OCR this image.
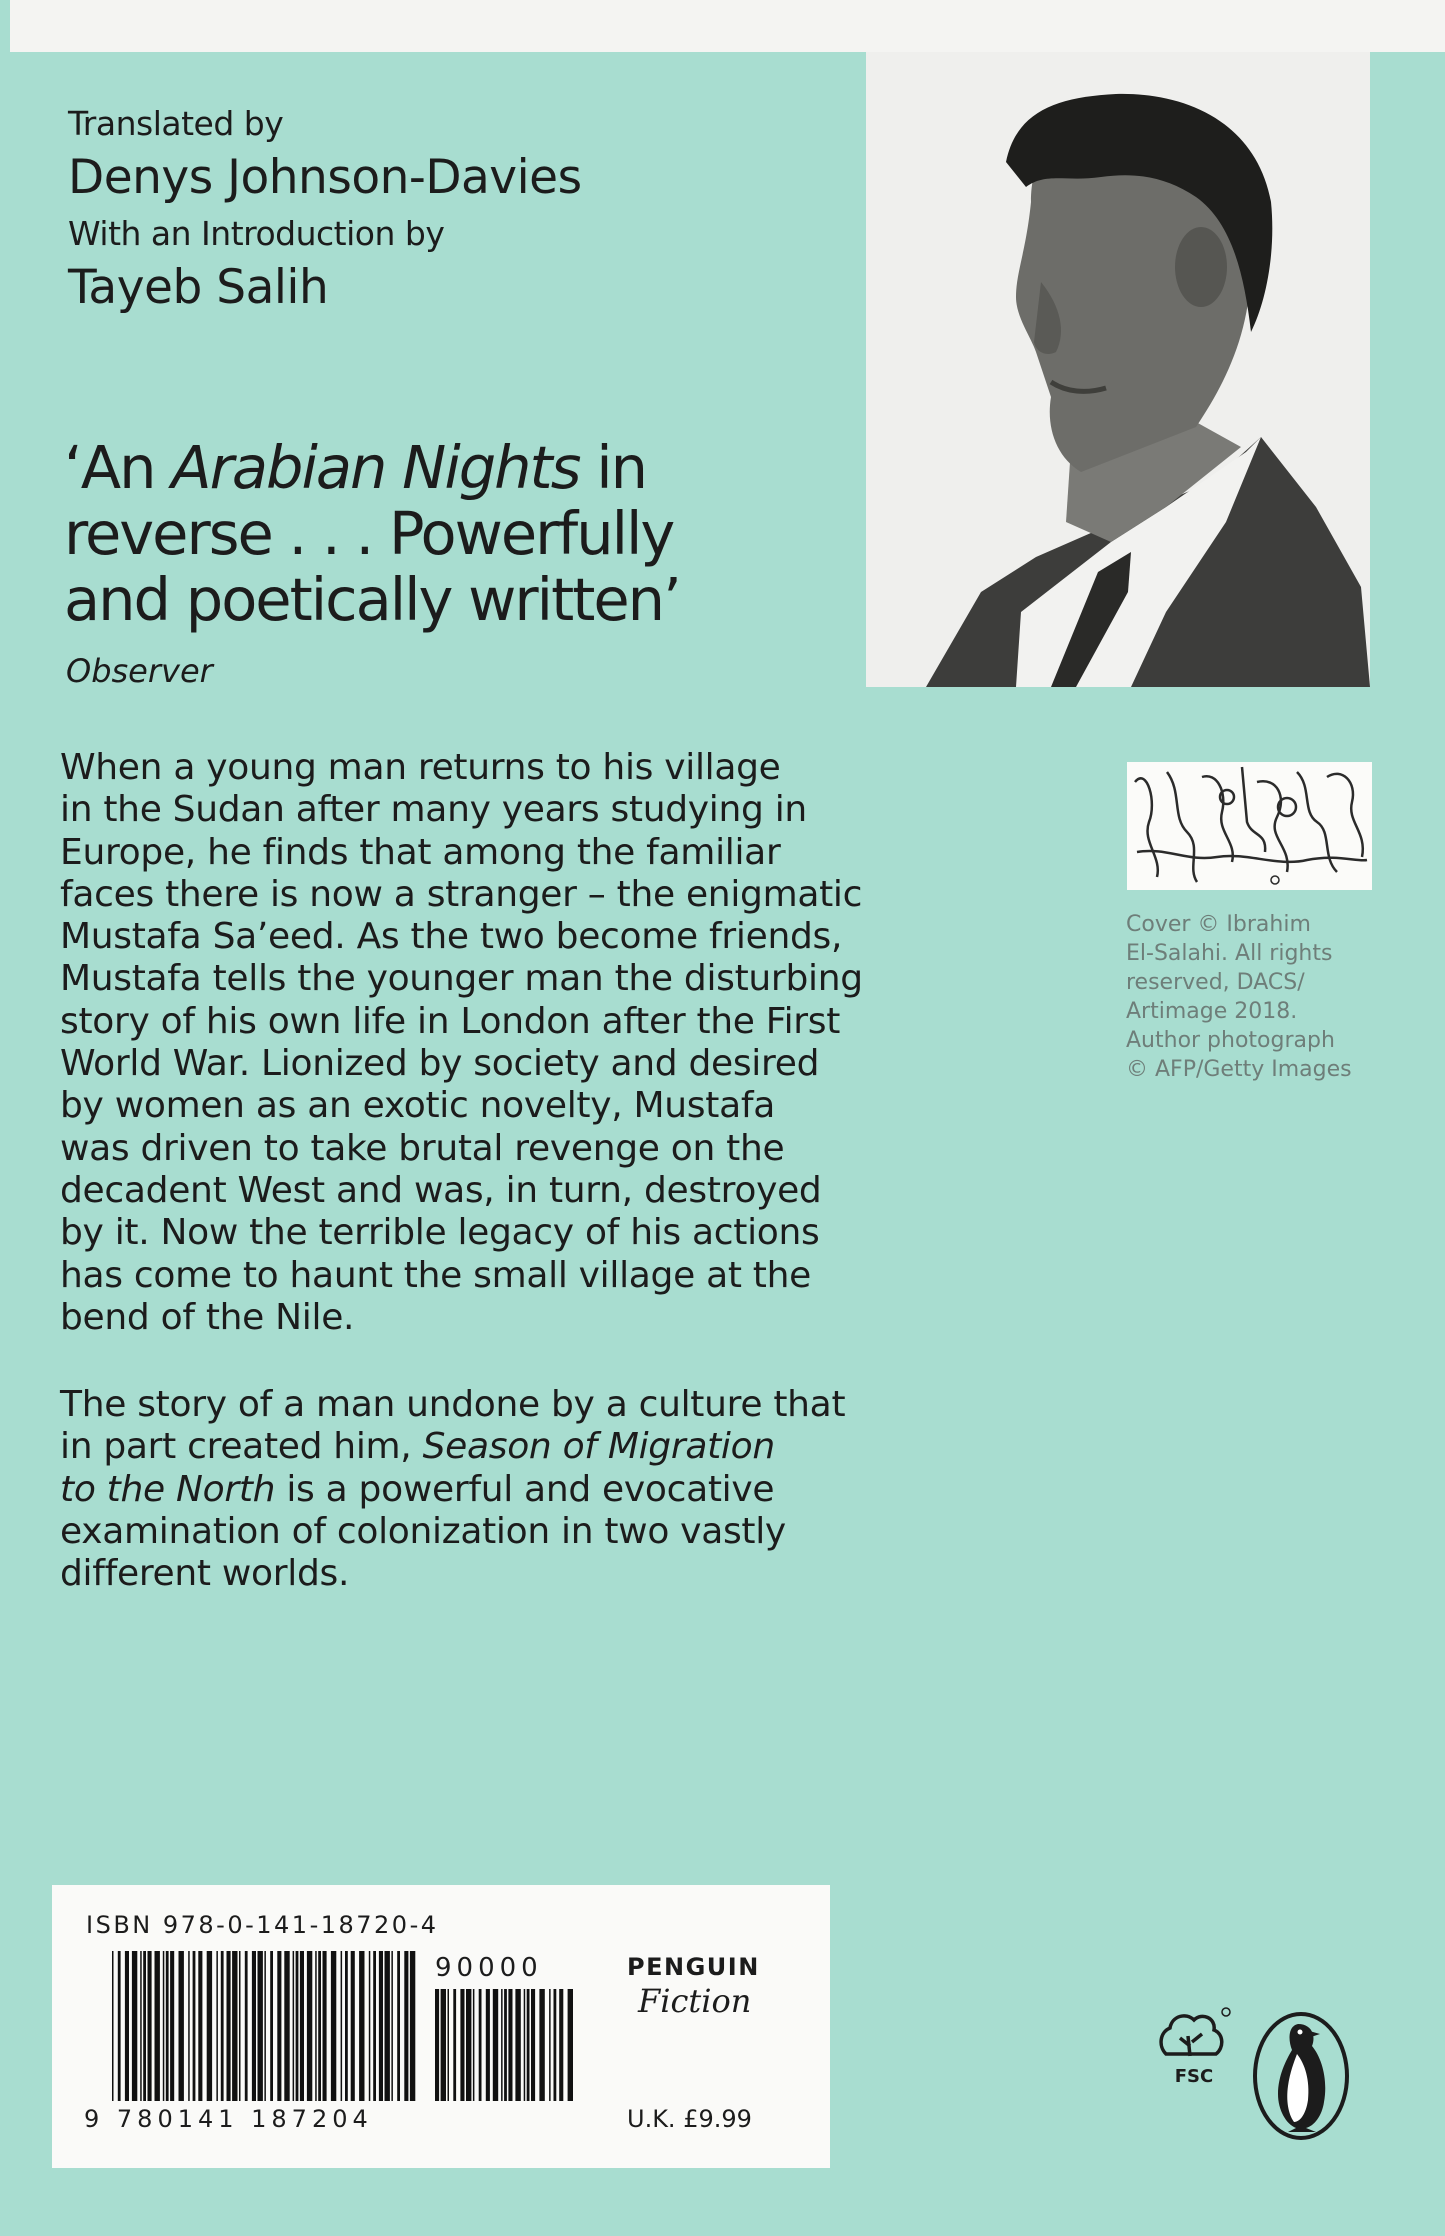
Translated by
Denys Johnson-Davies
With an Introduction by
Tayeb Salih
‘An Arabian Nights in
reverse . . . Powerfully
and poetically written’
Observer
Cover © Ibrahim
El-Salahi. All rights
reserved, DACS/
Artimage 2018.
Author photograph
© AFP/Getty Images
When a young man returns to his village
in the Sudan after many years studying in
Europe, he finds that among the familiar
faces there is now a stranger – the enigmatic
Mustafa Sa’eed. As the two become friends,
Mustafa tells the younger man the disturbing
story of his own life in London after the First
World War. Lionized by society and desired
by women as an exotic novelty, Mustafa
was driven to take brutal revenge on the
decadent West and was, in turn, destroyed
by it. Now the terrible legacy of his actions
has come to haunt the small village at the
bend of the Nile.
The story of a man undone by a culture that
in part created him, Season of Migration
to the North is a powerful and evocative
examination of colonization in two vastly
different worlds.
ISBN 978-0-141-18720-4
90000
9 780141 187204
PENGUIN
Fiction
U.K. £9.99
FSC
